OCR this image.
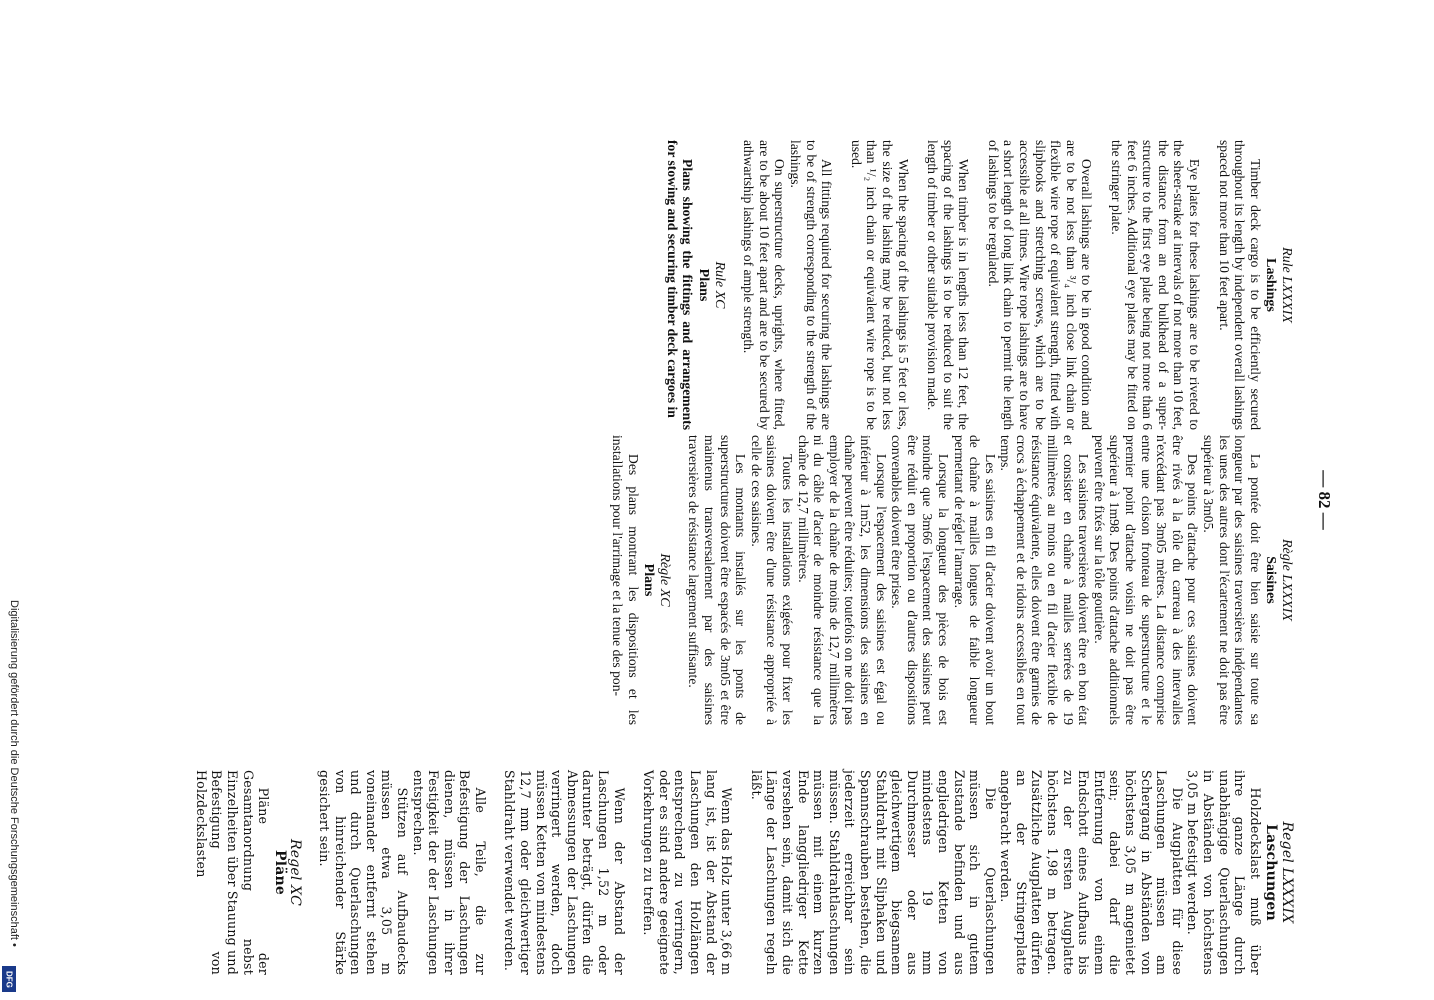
— 82 —

Rule LXXXIX

Lashings

Timber deck cargo is to be efficiently secured throughout its length by independent overall lashings spaced not more than 10 feet apart.

Eye plates for these lashings are to be riveted to the sheer-strake at intervals of not more than 10 feet, the distance from an end bulkhead of a super-structure to the first eye plate being not more than 6 feet 6 inches. Additional eye plates may be fitted on the stringer plate.

Overall lashings are to be in good condition and are to be not less than ³/₄ inch close link chain or flexible wire rope of equivalent strength, fitted with sliphooks and stretching screws, which are to be accessible at all times. Wire rope lashings are to have a short length of long link chain to permit the length of lashings to be regulated.

When timber is in lengths less than 12 feet, the spacing of the lashings is to be reduced to suit the length of timber or other suitable provision made.

When the spacing of the lashings is 5 feet or less, the size of the lashing may be reduced, but not less than ¹/₂ inch chain or equivalent wire rope is to be used.

All fittings required for securing the lashings are to be of strength corresponding to the strength of the lashings.

On superstructure decks, uprights, where fitted, are to be about 10 feet apart and are to be secured by athwartship lashings of ample strength.

Rule XC

Plans

Plans showing the fittings and arrangements for stowing and securing timber deck cargoes in

Règle LXXXIX

Saisines

La pontée doit être bien saisie sur toute sa longueur par des saisines traversières indépendantes les unes des autres dont l'écartement ne doit pas être supérieur à 3m05.

Des points d'attache pour ces saisines doivent être rivés à la tôle du carreau à des intervalles n'excédant pas 3m05 mètres. La distance comprise entre une cloison fronteau de superstructure et le premier point d'attache voisin ne doit pas être supérieur à 1m98. Des points d'attache additionnels peuvent être fixés sur la tôle gouttière.

Les saisines traversières doivent être en bon état et consister en chaîne à mailles serrées de 19 millimètres au moins ou en fil d'acier flexible de résistance équivalente, elles doivent être garnies de crocs à échappement et de ridoirs accessibles en tout temps.

Les saisines en fil d'acier doivent avoir un bout de chaîne à mailles longues de faible longueur permettant de régler l'amarrage.

Lorsque la longueur des pièces de bois est moindre que 3m66 l'espacement des saisines peut être réduit en proportion ou d'autres dispositions convenables doivent être prises.

Lorsque l'espacement des saisines est égal ou inférieur à 1m52, les dimensions des saisines en chaîne peuvent être réduites; toutefois on ne doit pas employer de la chaîne de moins de 12,7 millimètres ni du câble d'acier de moindre résistance que la chaîne de 12,7 millimètres.

Toutes les installations exigées pour fixer les saisines doivent être d'une résistance appropriée à celle de ces saisines.

Les montants installés sur les ponts de superstructures doivent être espacés de 3m05 et être maintenus transversalement par des saisines traversières de résistance largement suffisante.

Règle XC

Plans

Des plans montrant les dispositions et les installations pour l'arrimage et la tenue des pon-

Regel LXXXIX

Laschungen

Holzdeckslast muß über ihre ganze Länge durch unabhängige Querlaschungen in Abständen von höchstens 3,05 m befestigt werden.

Die Augplatten für diese Laschungen müssen am Schergang in Abständen von höchstens 3,05 m angenietet sein; dabei darf die Entfernung von einem Endschott eines Aufbaus bis zu der ersten Augplatte höchstens 1,98 m betragen. Zusätzliche Augplatten dürfen an der Stringerplatte angebracht werden.

Die Querlaschungen müssen sich in gutem Zustande befinden und aus engliedrigen Ketten von mindestens 19 mm Durchmesser oder aus gleichwertigem biegsamem Stahldraht mit Sliphaken und Spannschrauben bestehen, die jederzeit erreichbar sein müssen. Stahldrahtlaschungen müssen mit einem kurzen Ende langgliedriger Kette versehen sein, damit sich die Länge der Laschungen regeln läßt.

Wenn das Holz unter 3,66 m lang ist, ist der Abstand der Laschungen den Holzlängen entsprechend zu verringern, oder es sind andere geeignete Vorkehrungen zu treffen.

Wenn der Abstand der Laschungen 1,52 m oder darunter beträgt, dürfen die Abmessungen der Laschungen verringert werden, doch müssen Ketten von mindestens 12,7 mm oder gleichwertiger Stahldraht verwendet werden.

Alle Teile, die zur Befestigung der Laschungen dienen, müssen in ihrer Festigkeit der der Laschungen entsprechen.

Stützen auf Aufbaudecks müssen etwa 3,05 m voneinander entfernt stehen und durch Querlaschungen von hinreichender Stärke gesichert sein.

Regel XC

Pläne

Pläne der Gesamtanordnung nebst Einzelheiten über Stauung und Befestigung von Holzdeckslasten

Digitalisierung gefördert durch die Deutsche Forschungsgemeinschaft •
DFG
